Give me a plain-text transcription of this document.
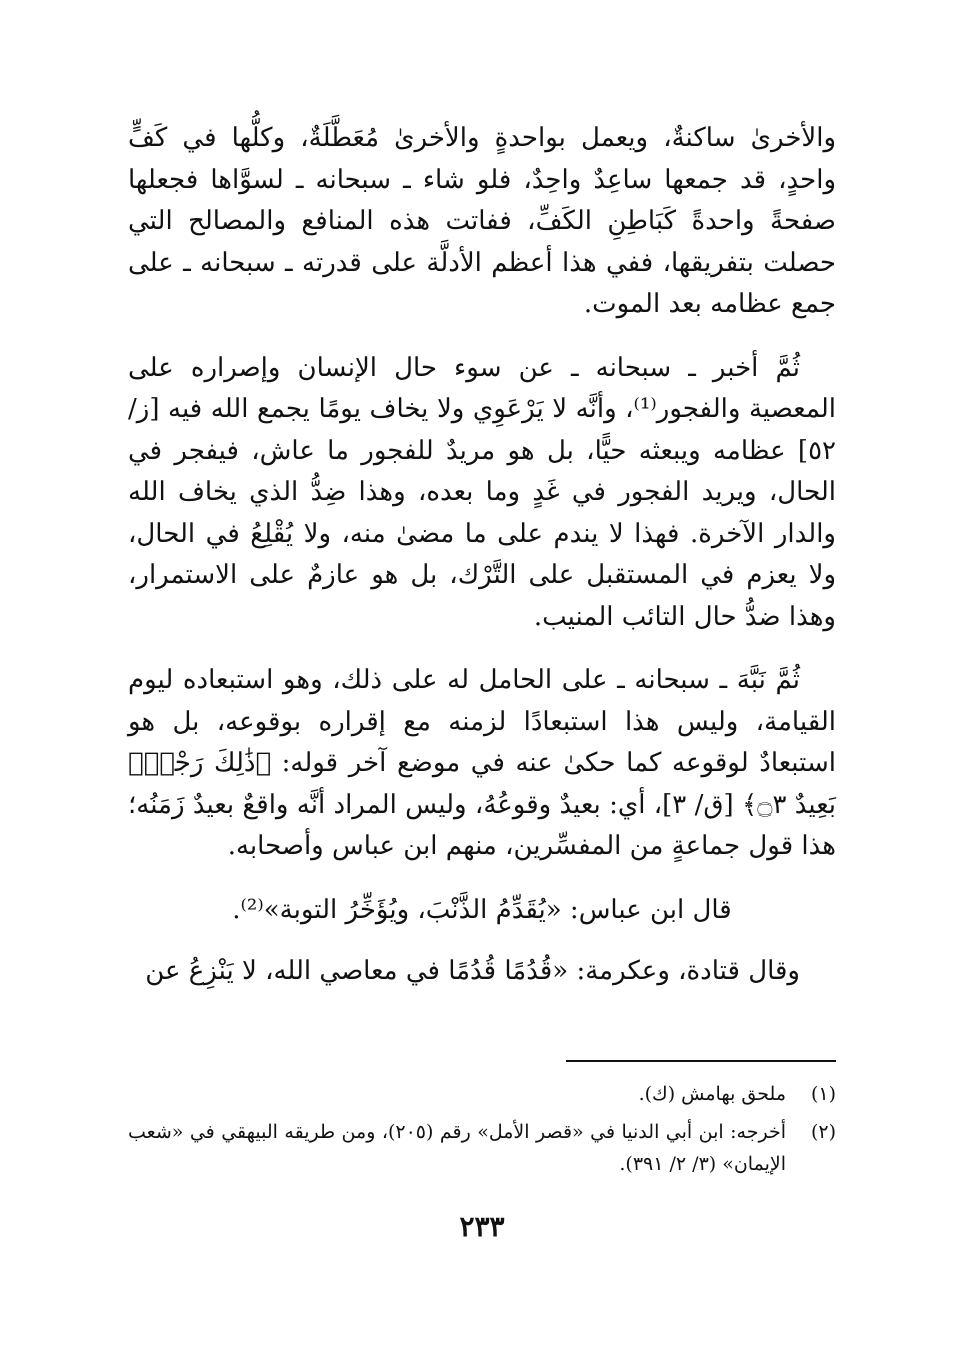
والأخرىٰ ساكنةٌ، ويعمل بواحدةٍ والأخرىٰ مُعَطَّلَةٌ، وكلُّها في كَفٍّ واحدٍ، قد جمعها ساعِدٌ واحِدٌ، فلو شاء ـ سبحانه ـ لسوَّاها فجعلها صفحةً واحدةً كَبَاطِنِ الكَفِّ، ففاتت هذه المنافع والمصالح التي حصلت بتفريقها، ففي هذا أعظم الأدلَّة على قدرته ـ سبحانه ـ على جمع عظامه بعد الموت.

ثُمَّ أخبر ـ سبحانه ـ عن سوء حال الإنسان وإصراره على المعصية والفجور⁽¹⁾، وأنَّه لا يَرْعَوِي ولا يخاف يومًا يجمع الله فيه [ز/٥٢] عظامه ويبعثه حيًّا، بل هو مريدٌ للفجور ما عاش، فيفجر في الحال، ويريد الفجور في غَدٍ وما بعده، وهذا ضِدُّ الذي يخاف الله والدار الآخرة. فهذا لا يندم على ما مضىٰ منه، ولا يُقْلِعُ في الحال، ولا يعزم في المستقبل على التَّرْك، بل هو عازمٌ على الاستمرار، وهذا ضدُّ حال التائب المنيب.

ثُمَّ نَبَّهَ ـ سبحانه ـ على الحامل له على ذلك، وهو استبعاده ليوم القيامة، وليس هذا استبعادًا لزمنه مع إقراره بوقوعه، بل هو استبعادٌ لوقوعه كما حكىٰ عنه في موضع آخر قوله: ﴿ذَٰلِكَ رَجْعٌۢ بَعِيدٌ ۝٣﴾ [ق/ ٣]، أي: بعيدٌ وقوعُهُ، وليس المراد أنَّه واقعٌ بعيدٌ زَمَنُه؛ هذا قول جماعةٍ من المفسِّرين، منهم ابن عباس وأصحابه.

قال ابن عباس: «يُقَدِّمُ الذَّنْبَ، ويُؤَخِّرُ التوبة»⁽²⁾.

وقال قتادة، وعكرمة: «قُدُمًا قُدُمًا في معاصي الله، لا يَنْزِعُ عن

(١)
ملحق بهامش (ك).
(٢)
أخرجه: ابن أبي الدنيا في «قصر الأمل» رقم (٢٠٥)، ومن طريقه البيهقي في «شعب الإيمان» (٣/ ٢/ ٣٩١).
٢٣٣
